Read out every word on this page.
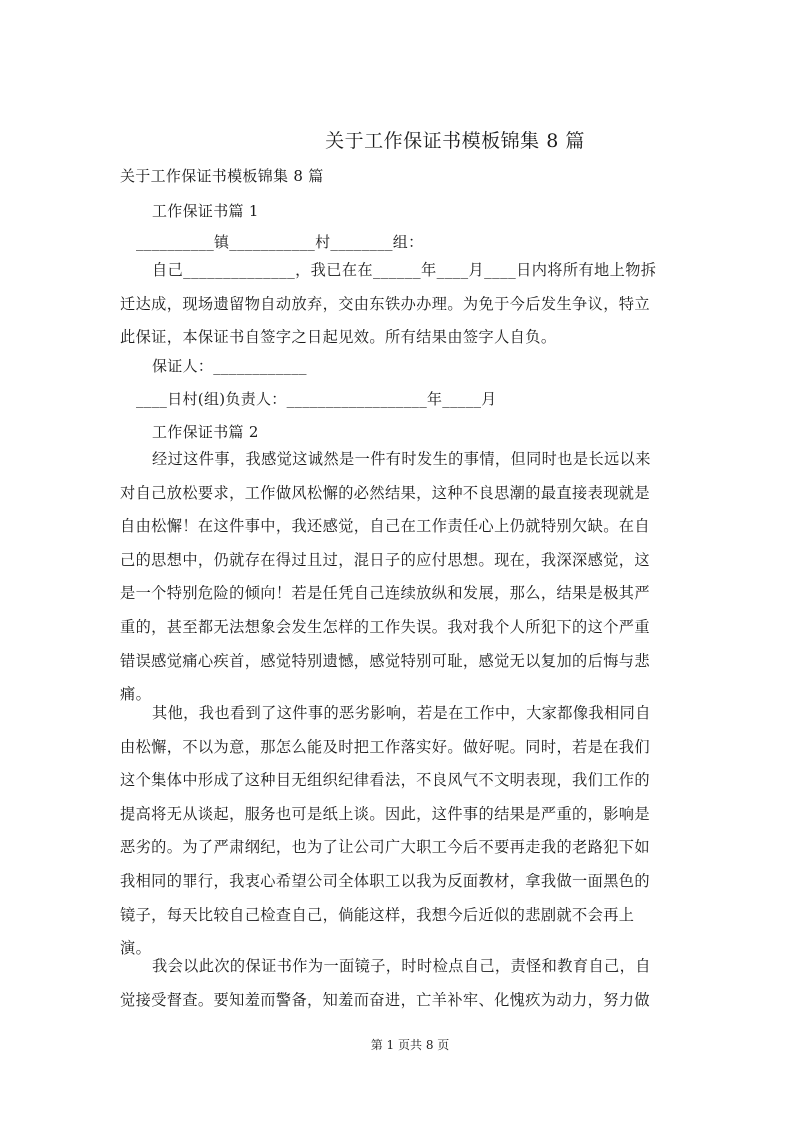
关于工作保证书模板锦集 8 篇
关于工作保证书模板锦集 8 篇
工作保证书篇 1
__________镇___________村________组：
自己______________，我已在在______年____月____日内将所有地上物拆
迁达成，现场遗留物自动放弃，交由东铁办办理。为免于今后发生争议，特立
此保证，本保证书自签字之日起见效。所有结果由签字人自负。
保证人：____________
____日村(组)负责人：__________________年_____月
工作保证书篇 2
经过这件事，我感觉这诚然是一件有时发生的事情，但同时也是长远以来
对自己放松要求，工作做风松懈的必然结果，这种不良思潮的最直接表现就是
自由松懈！在这件事中，我还感觉，自己在工作责任心上仍就特别欠缺。在自
己的思想中，仍就存在得过且过，混日子的应付思想。现在，我深深感觉，这
是一个特别危险的倾向！若是任凭自己连续放纵和发展，那么，结果是极其严
重的，甚至都无法想象会发生怎样的工作失误。我对我个人所犯下的这个严重
错误感觉痛心疾首，感觉特别遗憾，感觉特别可耻，感觉无以复加的后悔与悲
痛。
其他，我也看到了这件事的恶劣影响，若是在工作中，大家都像我相同自
由松懈，不以为意，那怎么能及时把工作落实好。做好呢。同时，若是在我们
这个集体中形成了这种目无组织纪律看法，不良风气不文明表现，我们工作的
提高将无从谈起，服务也可是纸上谈。因此，这件事的结果是严重的，影响是
恶劣的。为了严肃纲纪，也为了让公司广大职工今后不要再走我的老路犯下如
我相同的罪行，我衷心希望公司全体职工以我为反面教材，拿我做一面黑色的
镜子，每天比较自己检查自己，倘能这样，我想今后近似的悲剧就不会再上
演。
我会以此次的保证书作为一面镜子，时时检点自己，责怪和教育自己，自
觉接受督查。要知羞而警备，知羞而奋进，亡羊补牢、化愧疚为动力，努力做
第 1 页共 8 页
